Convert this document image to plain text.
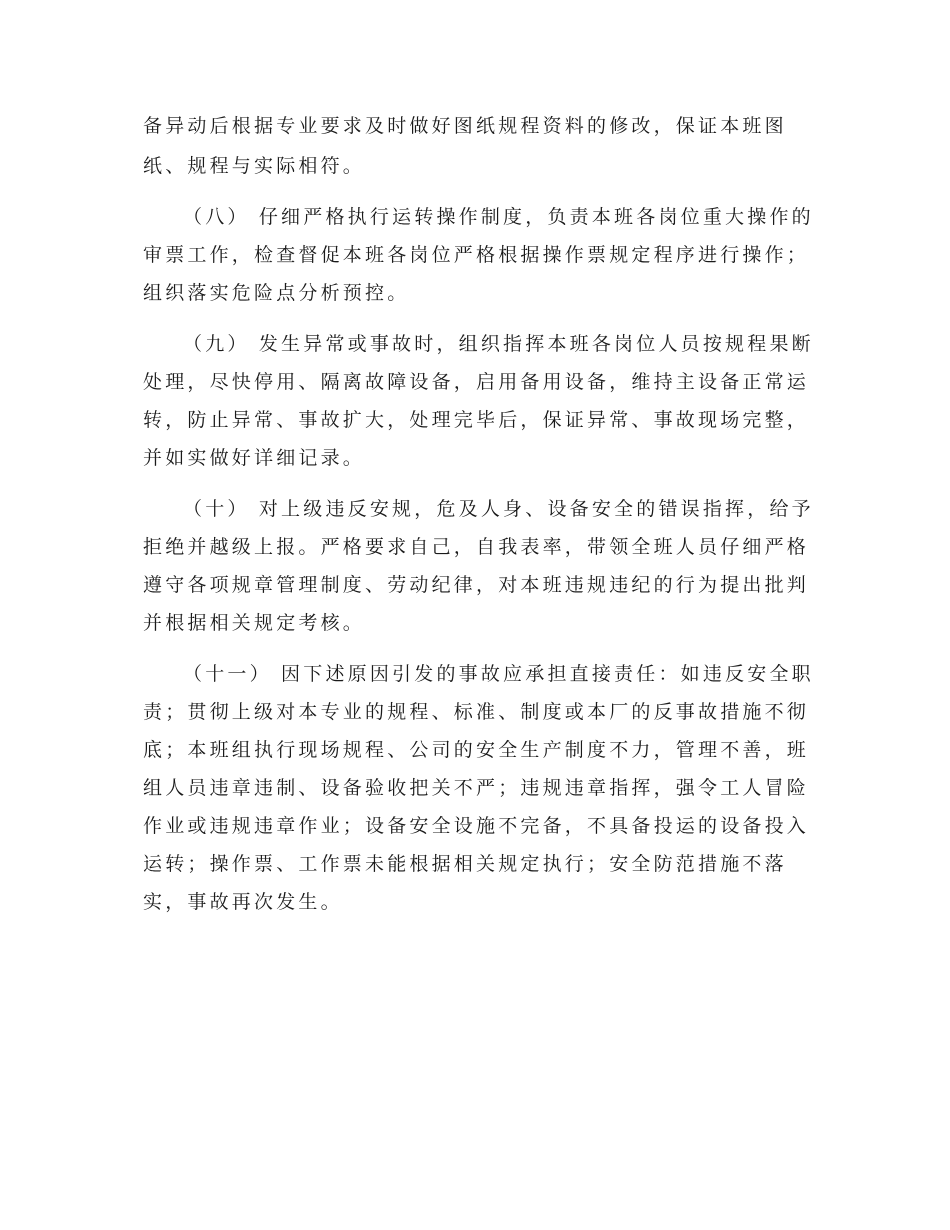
备异动后根据专业要求及时做好图纸规程资料的修改，保证本班图
纸、规程与实际相符。
（八） 仔细严格执行运转操作制度，负责本班各岗位重大操作的
审票工作，检查督促本班各岗位严格根据操作票规定程序进行操作；
组织落实危险点分析预控。
（九） 发生异常或事故时，组织指挥本班各岗位人员按规程果断
处理，尽快停用、隔离故障设备，启用备用设备，维持主设备正常运
转，防止异常、事故扩大，处理完毕后，保证异常、事故现场完整，
并如实做好详细记录。
（十） 对上级违反安规，危及人身、设备安全的错误指挥，给予
拒绝并越级上报。严格要求自己，自我表率，带领全班人员仔细严格
遵守各项规章管理制度、劳动纪律，对本班违规违纪的行为提出批判
并根据相关规定考核。
（十一） 因下述原因引发的事故应承担直接责任：如违反安全职
责；贯彻上级对本专业的规程、标准、制度或本厂的反事故措施不彻
底；本班组执行现场规程、公司的安全生产制度不力，管理不善，班
组人员违章违制、设备验收把关不严；违规违章指挥，强令工人冒险
作业或违规违章作业；设备安全设施不完备，不具备投运的设备投入
运转；操作票、工作票未能根据相关规定执行；安全防范措施不落
实，事故再次发生。
